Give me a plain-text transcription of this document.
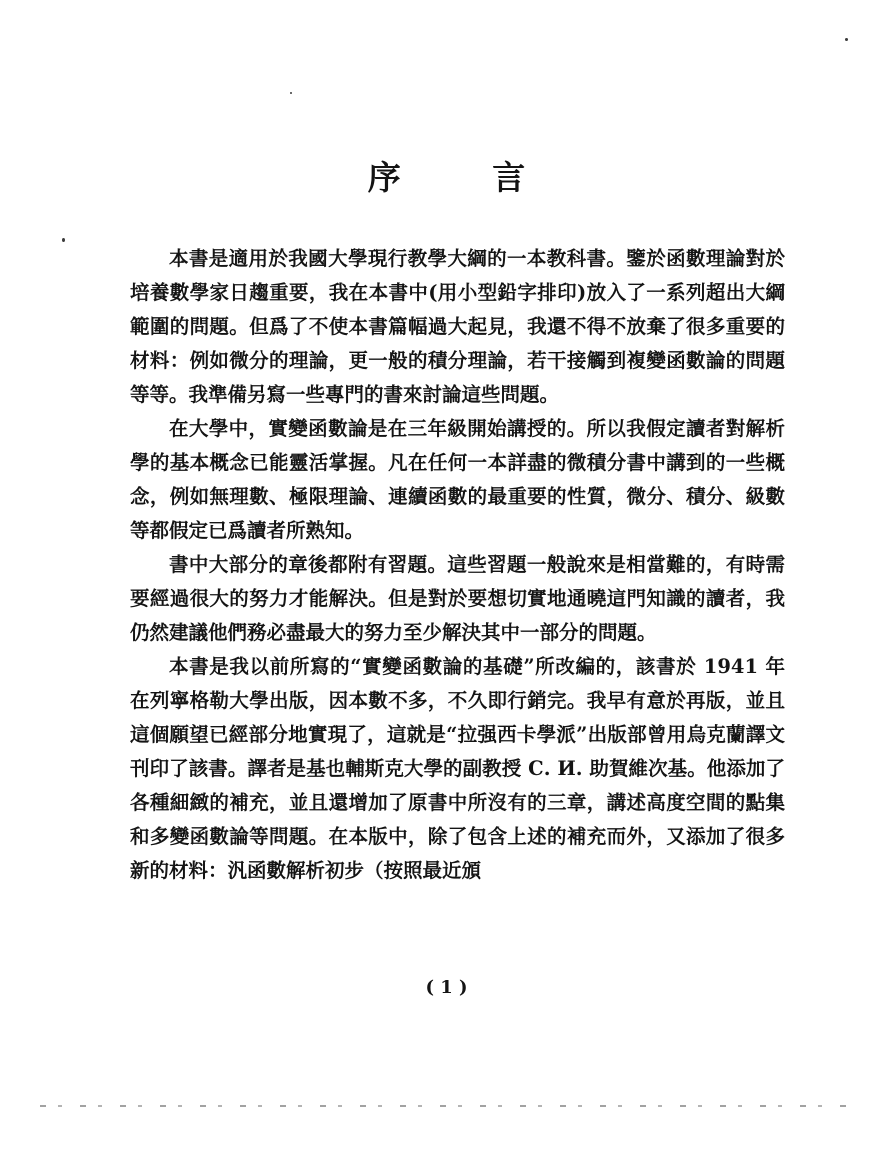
序 言

本書是適用於我國大學現行教學大綱的一本教科書。鑒於函數理論對於培養數學家日趨重要，我在本書中(用小型鉛字排印)放入了一系列超出大綱範圍的問題。但爲了不使本書篇幅過大起見，我還不得不放棄了很多重要的材料：例如微分的理論，更一般的積分理論，若干接觸到複變函數論的問題等等。我準備另寫一些專門的書來討論這些問題。

在大學中，實變函數論是在三年級開始講授的。所以我假定讀者對解析學的基本概念已能靈活掌握。凡在任何一本詳盡的微積分書中講到的一些概念，例如無理數、極限理論、連續函數的最重要的性質，微分、積分、級數等都假定已爲讀者所熟知。

書中大部分的章後都附有習題。這些習題一般說來是相當難的，有時需要經過很大的努力才能解決。但是對於要想切實地通曉這門知識的讀者，我仍然建議他們務必盡最大的努力至少解決其中一部分的問題。

本書是我以前所寫的“實變函數論的基礎”所改編的，該書於 1941 年在列寧格勒大學出版，因本數不多，不久即行銷完。我早有意於再版，並且這個願望已經部分地實現了，這就是“拉强西卡學派”出版部曾用烏克蘭譯文刊印了該書。譯者是基也輔斯克大學的副教授 С. И. 助賀維次基。他添加了各種細緻的補充，並且還增加了原書中所沒有的三章，講述高度空間的點集和多變函數論等問題。在本版中，除了包含上述的補充而外，又添加了很多新的材料：汎函數解析初步（按照最近頒

( 1 )
